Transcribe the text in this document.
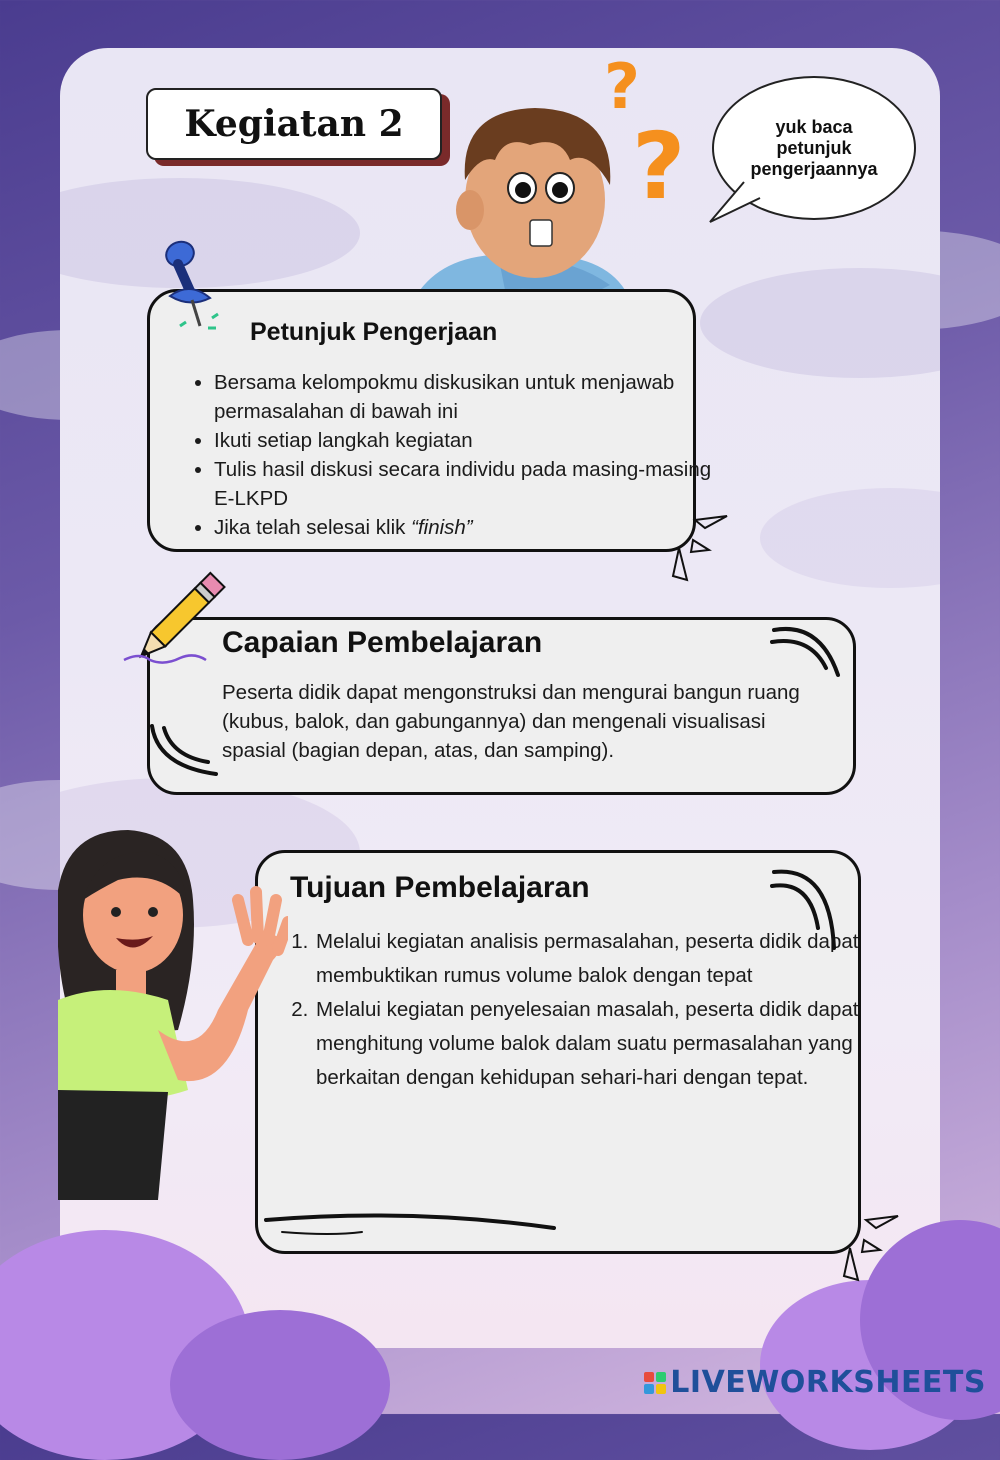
Kegiatan 2
?
?	yuk baca petunjuk pengerjaannya
Petunjuk Pengerjaan
• Bersama kelompokmu diskusikan untuk menjawab permasalahan di bawah ini
• Ikuti setiap langkah kegiatan
• Tulis hasil diskusi secara individu pada masing-masing E-LKPD
• Jika telah selesai klik “finish”
Capaian Pembelajaran

Peserta didik dapat mengonstruksi dan mengurai bangun ruang (kubus, balok, dan gabungannya) dan mengenali visualisasi spasial (bagian depan, atas, dan samping).

Tujuan Pembelajaran
1. Melalui kegiatan analisis permasalahan, peserta didik dapat membuktikan rumus volume balok dengan tepat
2. Melalui kegiatan penyelesaian masalah, peserta didik dapat menghitung volume balok dalam suatu permasalahan yang berkaitan dengan kehidupan sehari-hari dengan tepat.
LIVEWORKSHEETS
